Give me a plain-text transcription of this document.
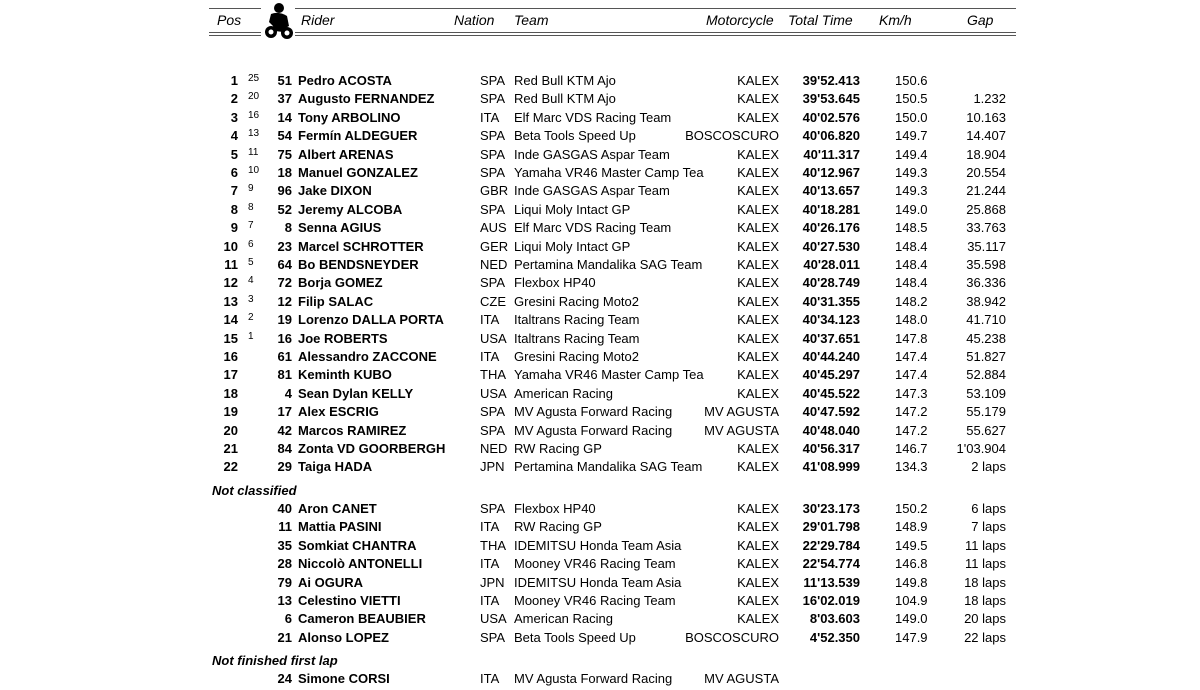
Pos	Rider	Nation Team	Motorcycle Total Time Km/h	Gap
1 25	51 Pedro ACOSTA	SPA Red Bull KTM Ajo	KALEX 39'52.413	150.6
2 20	37 Augusto FERNANDEZ	SPA Red Bull KTM Ajo	KALEX 39'53.645	150.5	1.232
3 16	14 Tony ARBOLINO	ITA Elf Marc VDS Racing Team	KALEX 40'02.576	150.0	10.163
4 13	54 Fermín ALDEGUER	SPA Beta Tools Speed Up	BOSCOSCURO 40'06.820	149.7	14.407
5 11	75 Albert ARENAS	SPA Inde GASGAS Aspar Team	KALEX 40'11.317	149.4	18.904
6 10	18 Manuel GONZALEZ	SPA Yamaha VR46 Master Camp Tea	KALEX 40'12.967	149.3	20.554
7 9	96 Jake DIXON	GBR Inde GASGAS Aspar Team	KALEX 40'13.657	149.3	21.244
8 8	52 Jeremy ALCOBA	SPA Liqui Moly Intact GP	KALEX 40'18.281	149.0	25.868
9 7	8 Senna AGIUS	AUS Elf Marc VDS Racing Team	KALEX 40'26.176	148.5	33.763
10 6	23 Marcel SCHROTTER	GER Liqui Moly Intact GP	KALEX 40'27.530	148.4	35.117
11 5	64 Bo BENDSNEYDER	NED Pertamina Mandalika SAG Team	KALEX 40'28.011	148.4	35.598
12 4	72 Borja GOMEZ	SPA Flexbox HP40	KALEX 40'28.749	148.4	36.336
13 3	12 Filip SALAC	CZE Gresini Racing Moto2	KALEX 40'31.355	148.2	38.942
14 2	19 Lorenzo DALLA PORTA	ITA Italtrans Racing Team	KALEX 40'34.123	148.0	41.710
15 1	16 Joe ROBERTS	USA Italtrans Racing Team	KALEX 40'37.651	147.8	45.238
16	61 Alessandro ZACCONE	ITA Gresini Racing Moto2	KALEX 40'44.240	147.4	51.827
17	81 Keminth KUBO	THA Yamaha VR46 Master Camp Tea	KALEX 40'45.297	147.4	52.884
18	4 Sean Dylan KELLY	USA American Racing	KALEX 40'45.522	147.3	53.109
19	17 Alex ESCRIG	SPA MV Agusta Forward Racing	MV AGUSTA 40'47.592	147.2	55.179
20	42 Marcos RAMIREZ	SPA MV Agusta Forward Racing	MV AGUSTA 40'48.040	147.2	55.627
21	84 Zonta VD GOORBERGH	NED RW Racing GP	KALEX 40'56.317	146.7 1'03.904
22	29 Taiga HADA	JPN Pertamina Mandalika SAG Team	KALEX 41'08.999	134.3	2 laps
Not classified
40 Aron CANET	SPA Flexbox HP40	KALEX 30'23.173	150.2	6 laps
11 Mattia PASINI	ITA RW Racing GP	KALEX 29'01.798	148.9	7 laps
35 Somkiat CHANTRA	THA IDEMITSU Honda Team Asia	KALEX 22'29.784	149.5	11 laps
28 Niccolò ANTONELLI	ITA Mooney VR46 Racing Team	KALEX 22'54.774	146.8	11 laps
79 Ai OGURA	JPN IDEMITSU Honda Team Asia	KALEX 11'13.539	149.8	18 laps
13 Celestino VIETTI	ITA Mooney VR46 Racing Team	KALEX 16'02.019	104.9	18 laps
6 Cameron BEAUBIER	USA American Racing	KALEX 8'03.603	149.0	20 laps
21 Alonso LOPEZ	SPA Beta Tools Speed Up	BOSCOSCURO 4'52.350	147.9	22 laps
Not finished first lap
24 Simone CORSI	ITA MV Agusta Forward Racing	MV AGUSTA
